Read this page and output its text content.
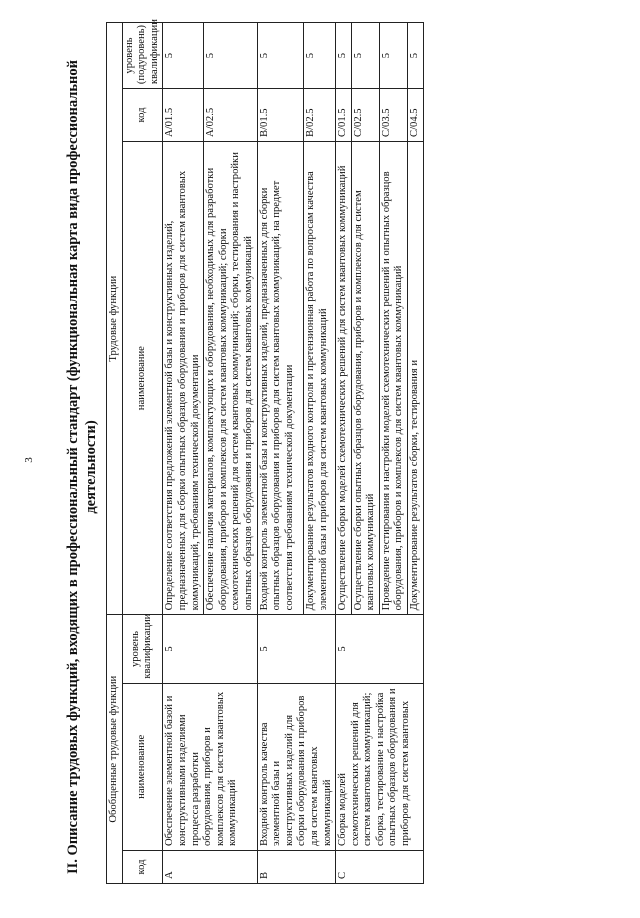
3 II. Описание трудовых функций, входящих в профессиональный стандарт (функциональная карта вида профессиональной деятельности)
Обобщенные трудовые функции			Трудовые функции		
код	наименование	уровень квалификации	наименование	код	уровень (подуровень) квалификации
A	Обеспечение элементной базой и конструктивными изделиями процесса разработки оборудования, приборов и комплексов для систем квантовых коммуникаций	5	Определение соответствия предложений элементной базы и конструктивных изделий, предназначенных для сборки опытных образцов оборудования и приборов для систем квантовых коммуникаций, требованиям технической документации	A/01.5	5
			Обеспечение наличия материалов, комплектующих и оборудования, необходимых для разработки оборудования, приборов и комплексов для систем квантовых коммуникаций; сборки схемотехнических решений для систем квантовых коммуникаций; сборки, тестирования и настройки опытных образцов оборудования и приборов для систем квантовых коммуникаций	A/02.5	5
B	Входной контроль качества элементной базы и конструктивных изделий для сборки оборудования и приборов для систем квантовых коммуникаций	5	Входной контроль элементной базы и конструктивных изделий, предназначенных для сборки опытных образцов оборудования и приборов для систем квантовых коммуникаций, на предмет соответствия требованиям технической документации	B/01.5	5
			Документирование результатов входного контроля и претензионная работа по вопросам качества элементной базы и приборов для систем квантовых коммуникаций	B/02.5	5
C	Сборка моделей схемотехнических решений для систем квантовых коммуникаций; сборка, тестирование и настройка опытных образцов оборудования и приборов для систем квантовых	5	Осуществление сборки моделей схемотехнических решений для систем квантовых коммуникаций	C/01.5	5
			Осуществление сборки опытных образцов оборудования, приборов и комплексов для систем квантовых коммуникаций	C/02.5	5
			Проведение тестирования и настройки моделей схемотехнических решений и опытных образцов оборудования, приборов и комплексов для систем квантовых коммуникаций	C/03.5	5
			Документирование результатов сборки, тестирования и	C/04.5	5
